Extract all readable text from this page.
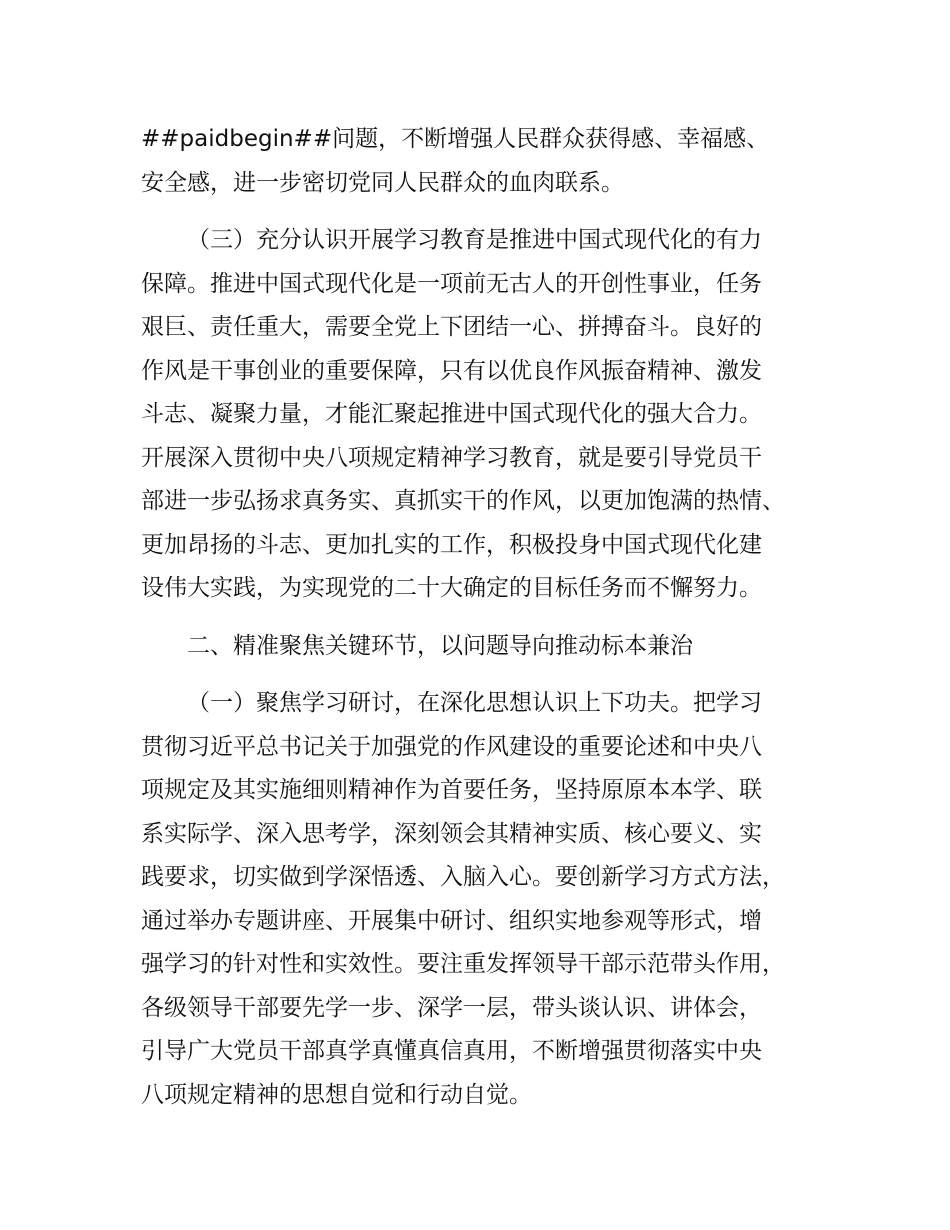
##paidbegin##问题，不断增强人民群众获得感、幸福感、
安全感，进一步密切党同人民群众的血肉联系。
（三）充分认识开展学习教育是推进中国式现代化的有力
保障。推进中国式现代化是一项前无古人的开创性事业，任务
艰巨、责任重大，需要全党上下团结一心、拼搏奋斗。良好的
作风是干事创业的重要保障，只有以优良作风振奋精神、激发
斗志、凝聚力量，才能汇聚起推进中国式现代化的强大合力。
开展深入贯彻中央八项规定精神学习教育，就是要引导党员干
部进一步弘扬求真务实、真抓实干的作风，以更加饱满的热情、
更加昂扬的斗志、更加扎实的工作，积极投身中国式现代化建
设伟大实践，为实现党的二十大确定的目标任务而不懈努力。
二、精准聚焦关键环节，以问题导向推动标本兼治
（一）聚焦学习研讨，在深化思想认识上下功夫。把学习
贯彻习近平总书记关于加强党的作风建设的重要论述和中央八
项规定及其实施细则精神作为首要任务，坚持原原本本学、联
系实际学、深入思考学，深刻领会其精神实质、核心要义、实
践要求，切实做到学深悟透、入脑入心。要创新学习方式方法，
通过举办专题讲座、开展集中研讨、组织实地参观等形式，增
强学习的针对性和实效性。要注重发挥领导干部示范带头作用，
各级领导干部要先学一步、深学一层，带头谈认识、讲体会，
引导广大党员干部真学真懂真信真用，不断增强贯彻落实中央
八项规定精神的思想自觉和行动自觉。
